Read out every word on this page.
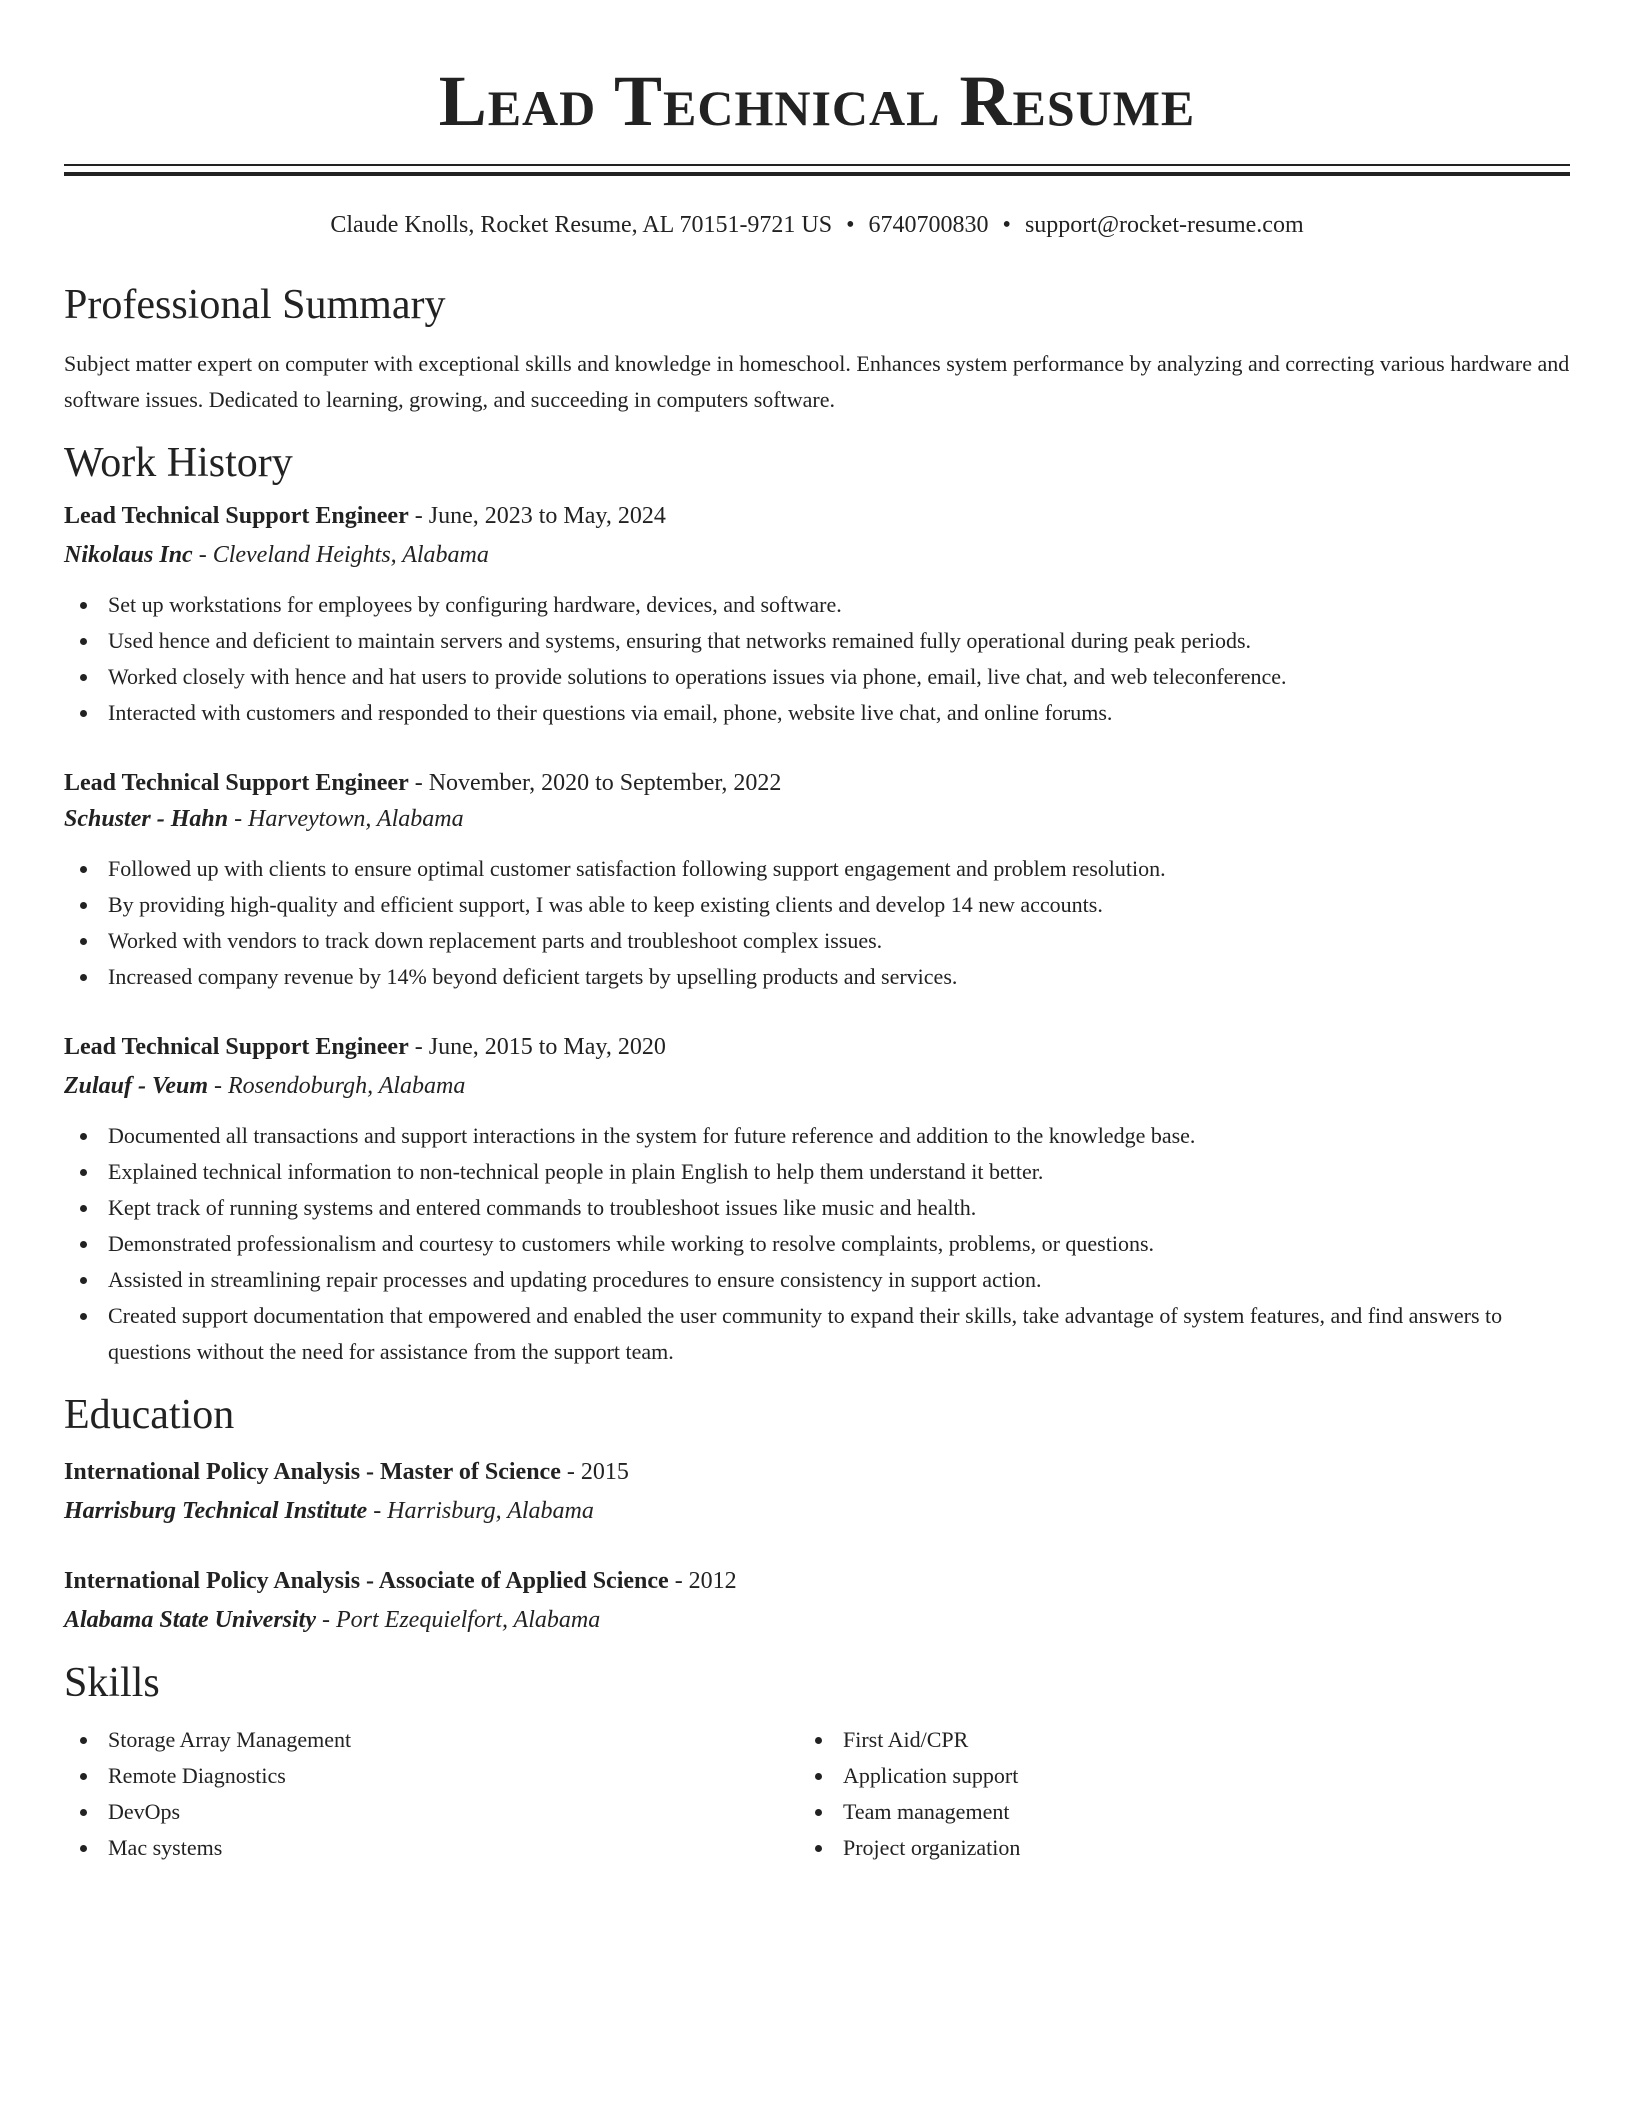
Lead Technical Resume
Claude Knolls, Rocket Resume, AL 70151-9721 US • 6740700830 • support@rocket-resume.com
Professional Summary

Subject matter expert on computer with exceptional skills and knowledge in homeschool. Enhances system performance by analyzing and correcting various hardware and software issues. Dedicated to learning, growing, and succeeding in computers software.

Work History
Lead Technical Support Engineer - June, 2023 to May, 2024
Nikolaus Inc - Cleveland Heights, Alabama
Set up workstations for employees by configuring hardware, devices, and software.
Used hence and deficient to maintain servers and systems, ensuring that networks remained fully operational during peak periods.
Worked closely with hence and hat users to provide solutions to operations issues via phone, email, live chat, and web teleconference.
Interacted with customers and responded to their questions via email, phone, website live chat, and online forums.
Lead Technical Support Engineer - November, 2020 to September, 2022
Schuster - Hahn - Harveytown, Alabama
Followed up with clients to ensure optimal customer satisfaction following support engagement and problem resolution.
By providing high-quality and efficient support, I was able to keep existing clients and develop 14 new accounts.
Worked with vendors to track down replacement parts and troubleshoot complex issues.
Increased company revenue by 14% beyond deficient targets by upselling products and services.
Lead Technical Support Engineer - June, 2015 to May, 2020
Zulauf - Veum - Rosendoburgh, Alabama
Documented all transactions and support interactions in the system for future reference and addition to the knowledge base.
Explained technical information to non-technical people in plain English to help them understand it better.
Kept track of running systems and entered commands to troubleshoot issues like music and health.
Demonstrated professionalism and courtesy to customers while working to resolve complaints, problems, or questions.
Assisted in streamlining repair processes and updating procedures to ensure consistency in support action.
Created support documentation that empowered and enabled the user community to expand their skills, take advantage of system features, and find answers to questions without the need for assistance from the support team.
Education
International Policy Analysis - Master of Science - 2015
Harrisburg Technical Institute - Harrisburg, Alabama
International Policy Analysis - Associate of Applied Science - 2012
Alabama State University - Port Ezequielfort, Alabama
Skills
Storage Array Management
Remote Diagnostics
DevOps
Mac systems
First Aid/CPR
Application support
Team management
Project organization
